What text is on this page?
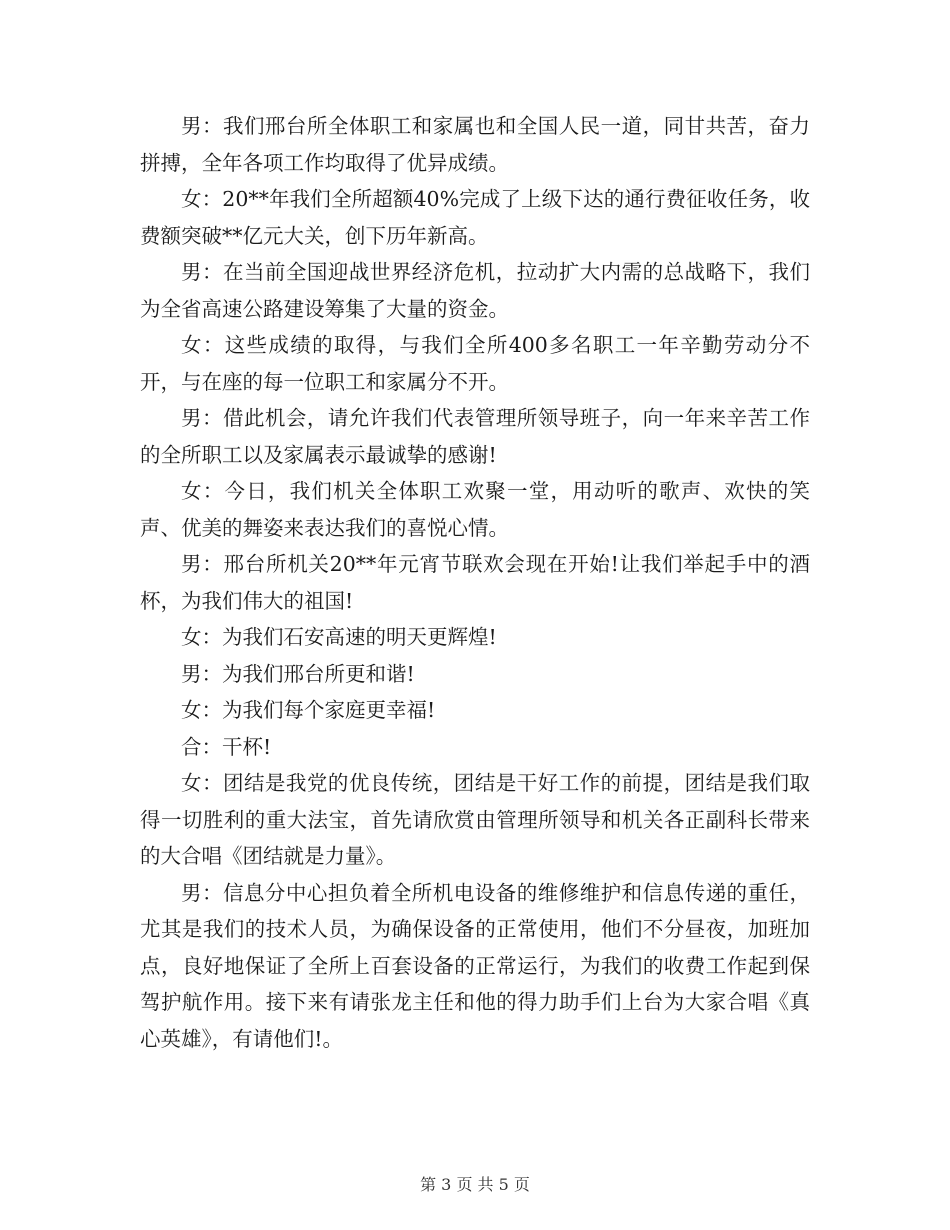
男：我们邢台所全体职工和家属也和全国人民一道，同甘共苦，奋力拼搏，全年各项工作均取得了优异成绩。

女：20**年我们全所超额40%完成了上级下达的通行费征收任务，收费额突破**亿元大关，创下历年新高。

男：在当前全国迎战世界经济危机，拉动扩大内需的总战略下，我们为全省高速公路建设筹集了大量的资金。

女：这些成绩的取得，与我们全所400多名职工一年辛勤劳动分不开，与在座的每一位职工和家属分不开。

男：借此机会，请允许我们代表管理所领导班子，向一年来辛苦工作的全所职工以及家属表示最诚挚的感谢!

女：今日，我们机关全体职工欢聚一堂，用动听的歌声、欢快的笑声、优美的舞姿来表达我们的喜悦心情。

男：邢台所机关20**年元宵节联欢会现在开始!让我们举起手中的酒杯，为我们伟大的祖国!

女：为我们石安高速的明天更辉煌!

男：为我们邢台所更和谐!

女：为我们每个家庭更幸福!

合：干杯!

女：团结是我党的优良传统，团结是干好工作的前提，团结是我们取得一切胜利的重大法宝，首先请欣赏由管理所领导和机关各正副科长带来的大合唱《团结就是力量》。

男：信息分中心担负着全所机电设备的维修维护和信息传递的重任，尤其是我们的技术人员，为确保设备的正常使用，他们不分昼夜，加班加点，良好地保证了全所上百套设备的正常运行，为我们的收费工作起到保驾护航作用。接下来有请张龙主任和他的得力助手们上台为大家合唱《真心英雄》，有请他们!。

第 3 页 共 5 页
